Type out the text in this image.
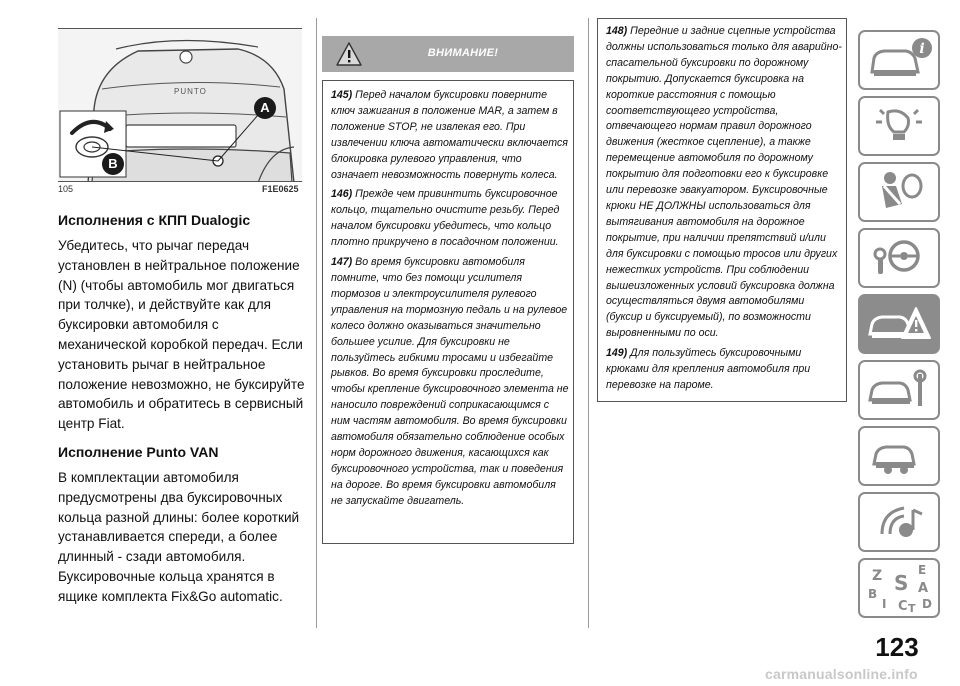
A
B
PUNTO
105	F1E0625
Исполнения с КПП Dualogic

Убедитесь, что рычаг передач установлен в нейтральное положение (N) (чтобы автомобиль мог двигаться при толчке), и действуйте как для буксировки автомобиля с механической коробкой передач. Если установить рычаг в нейтральное положение невозможно, не буксируйте автомобиль и обратитесь в сервисный центр Fiat.

Исполнение Punto VAN

В комплектации автомобиля предусмотрены два буксировочных кольца разной длины: более короткий устанавливается спереди, а более длинный - сзади автомобиля. Буксировочные кольца хранятся в ящике комплекта Fix&Go automatic.

ВНИМАНИЕ!

145) Перед началом буксировки поверните ключ зажигания в положение MAR, а затем в положение STOP, не извлекая его. При извлечении ключа автоматически включается блокировка рулевого управления, что означает невозможность повернуть колеса.

146) Прежде чем привинтить буксировочное кольцо, тщательно очистите резьбу. Перед началом буксировки убедитесь, что кольцо плотно прикручено в посадочном положении.

147) Во время буксировки автомобиля помните, что без помощи усилителя тормозов и электроусилителя рулевого управления на тормозную педаль и на рулевое колесо должно оказываться значительно большее усилие. Для буксировки не пользуйтесь гибкими тросами и избегайте рывков. Во время буксировки проследите, чтобы крепление буксировочного элемента не наносило повреждений соприкасающимся с ним частям автомобиля. Во время буксировки автомобиля обязательно соблюдение особых норм дорожного движения, касающихся как буксировочного устройства, так и поведения на дороге. Во время буксировки автомобиля не запускайте двигатель.

148) Передние и задние сцепные устройства должны использоваться только для аварийно-спасательной буксировки по дорожному покрытию. Допускается буксировка на короткие расстояния с помощью соответствующего устройства, отвечающего нормам правил дорожного движения (жесткое сцепление), а также перемещение автомобиля по дорожному покрытию для подготовки его к буксировке или перевозке эвакуатором. Буксировочные крюки НЕ ДОЛЖНЫ использоваться для вытягивания автомобиля на дорожное покрытие, при наличии препятствий и/или для буксировки с помощью тросов или других нежестких устройств. При соблюдении вышеизложенных условий буксировка должна осуществляться двумя автомобилями (буксир и буксируемый), по возможности выровненными по оси.

149) Для пользуйтесь буксировочными крюками для крепления автомобиля при перевозке на пароме.

i
Z	E
S A
B
C D
I T
123
carmanualsonline.info
